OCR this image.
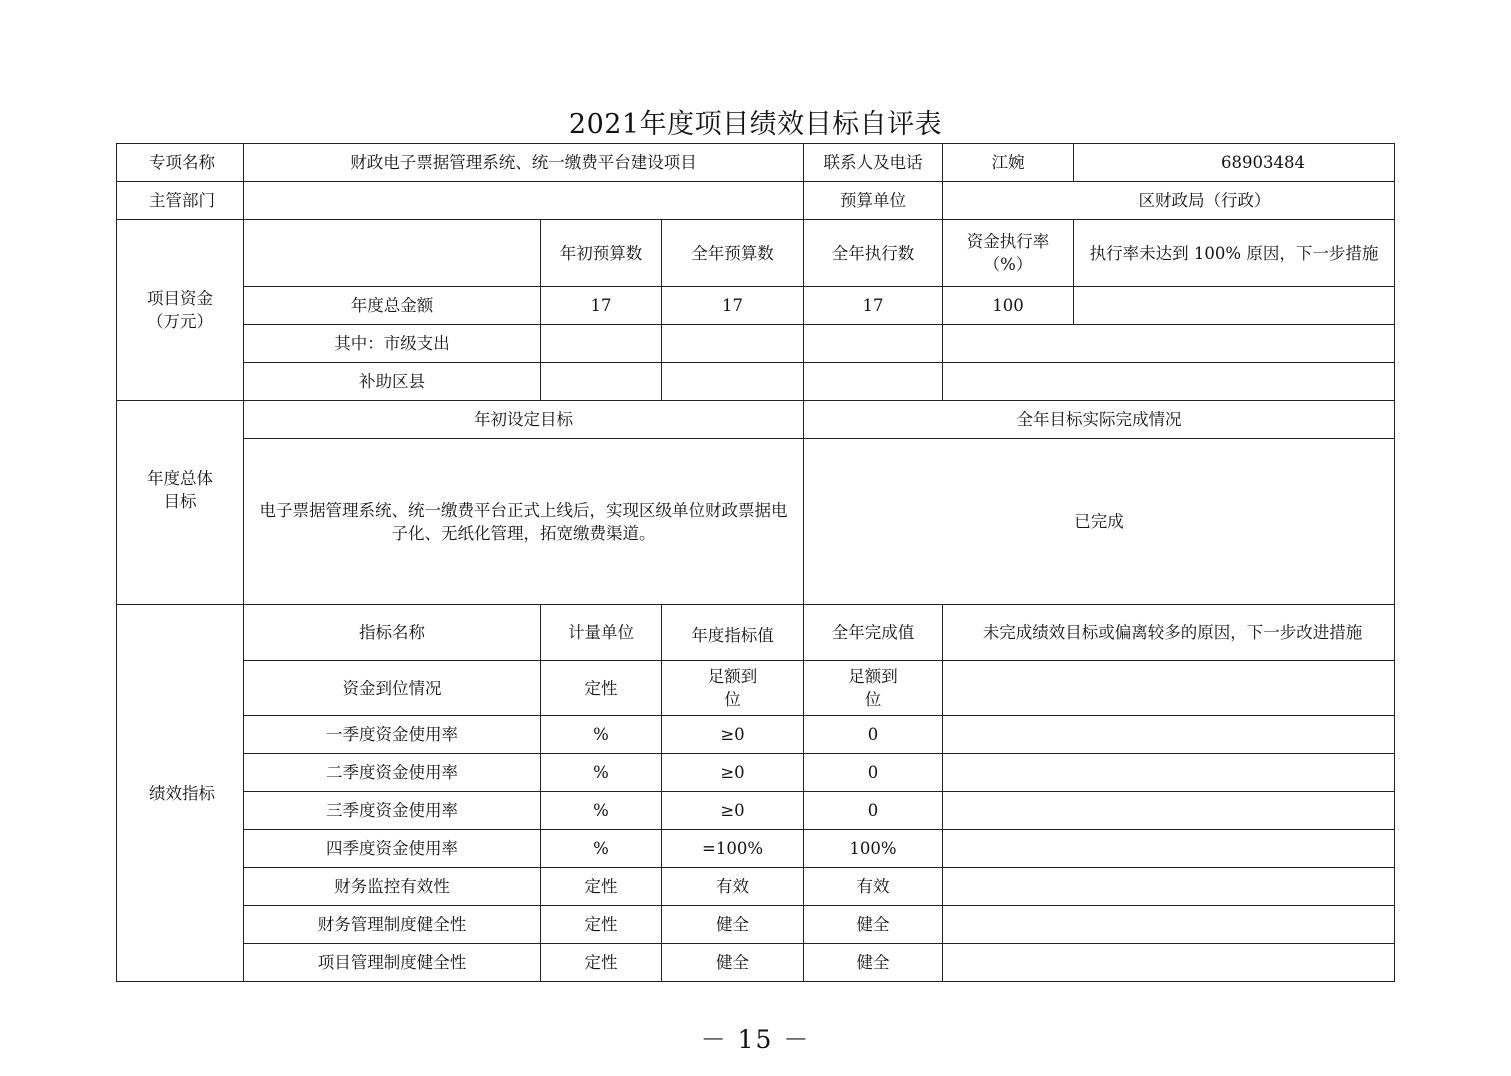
2021年度项目绩效目标自评表
专项名称	财政电子票据管理系统、统一缴费平台建设项目			联系人及电话	江婉	68903484
主管部门				预算单位	区财政局（行政）	

项目资金
（万元）		年初预算数	全年预算数	全年执行数	资金执行率（%）	执行率未达到 100% 原因，下一步措施
	年度总金额	17	17	17	100	
	其中：市级支出					
	补助区县					

年度总体
目标	年初设定目标			全年目标实际完成情况		
	电子票据管理系统、统一缴费平台正式上线后，实现区级单位财政票据电子化、无纸化管理，拓宽缴费渠道。			已完成		
绩效指标	指标名称	计量单位	年度指标值	全年完成值	未完成绩效目标或偏离较多的原因，下一步改进措施	
	资金到位情况	定性	足额到位	足额到位		
	一季度资金使用率	%	≥0	0		
	二季度资金使用率	%	≥0	0		
	三季度资金使用率	%	≥0	0		
	四季度资金使用率	%	=100%	100%		
	财务监控有效性	定性	有效	有效		
	财务管理制度健全性	定性	健全	健全		
	项目管理制度健全性	定性	健全	健全		
－ 15 －
